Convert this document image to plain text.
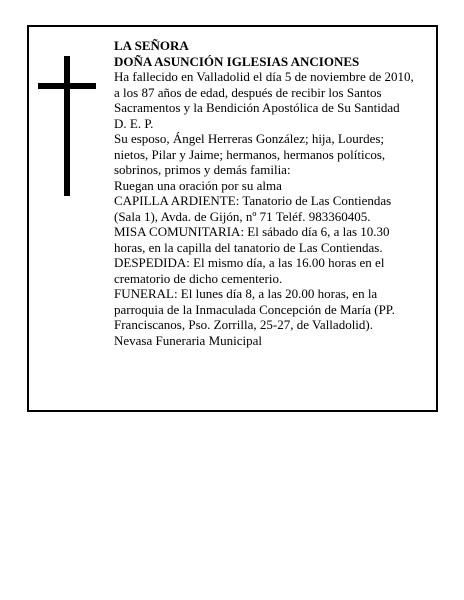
LA SEÑORA

DOÑA ASUNCIÓN IGLESIAS ANCIONES

Ha fallecido en Valladolid el día 5 de noviembre de 2010, a los 87 años de edad, después de recibir los Santos Sacramentos y la Bendición Apostólica de Su Santidad

D. E. P.

Su esposo, Ángel Herreras González; hija, Lourdes; nietos, Pilar y Jaime; hermanos, hermanos políticos, sobrinos, primos y demás familia:

Ruegan una oración por su alma

CAPILLA ARDIENTE: Tanatorio de Las Contiendas (Sala 1), Avda. de Gijón, nº 71 Teléf. 983360405.

MISA COMUNITARIA: El sábado día 6, a las 10.30 horas, en la capilla del tanatorio de Las Contiendas.

DESPEDIDA: El mismo día, a las 16.00 horas en el crematorio de dicho cementerio.

FUNERAL: El lunes día 8, a las 20.00 horas, en la parroquia de la Inmaculada Concepción de María (PP. Franciscanos, Pso. Zorrilla, 25-27, de Valladolid).

Nevasa Funeraria Municipal
